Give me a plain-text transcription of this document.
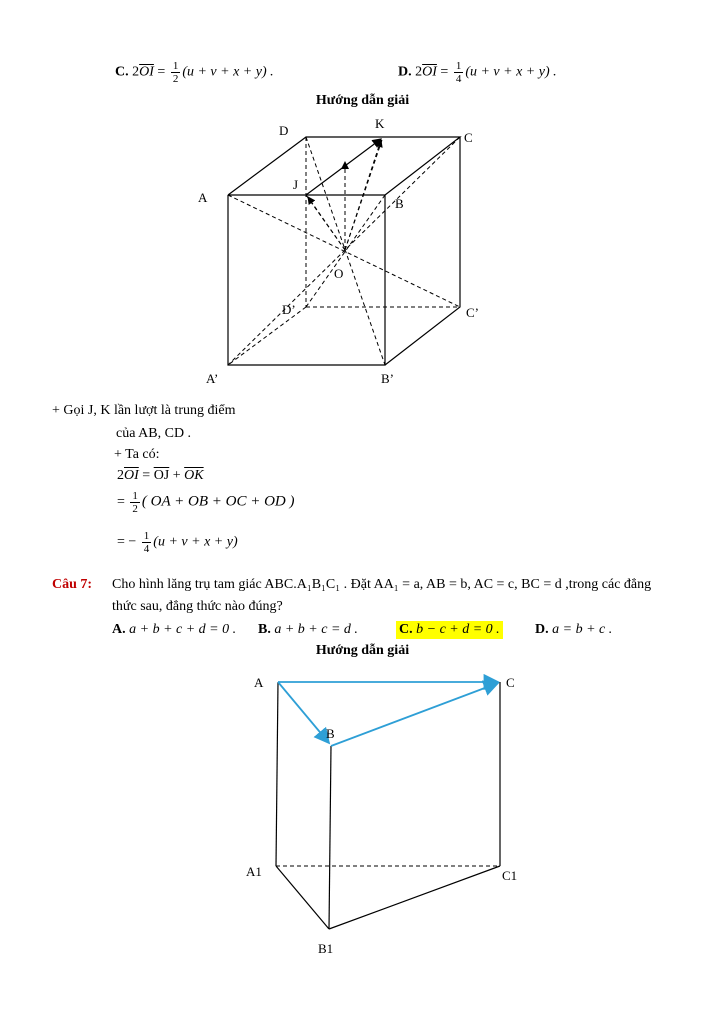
C. $2\overline{OI} = \frac{1}{2} (u + v + x + y)$ .	D. $2\overline{OI} = \frac{1}{4} (u + v + x + y)$ .
Hướng dẫn giải
D	K
C
A
J
B
O
D’	C’
A’	B’
+ Gọi J, K lần lượt là trung điểm
của AB, CD .
+ Ta có:
$2\overline{OI} = \overline{OJ} + \overline{OK}$
= $\frac{1}{2}$ ( OA + OB + OC + OD )
= − $\frac{1}{4} (u + v + x + y)$
Câu 7: Cho hình lăng trụ tam giác ABC.A₁B₁C₁ . Đặt AA₁ = a, AB = b, AC = c, BC = d ,trong các đẳng
thức sau, đẳng thức nào đúng?
A. a + b + c + d = 0 . B. a + b + c = d .	C. b − c + d = 0 .	D. a = b + c .
Hướng dẫn giải
A
B
C
A1	C1
B1
